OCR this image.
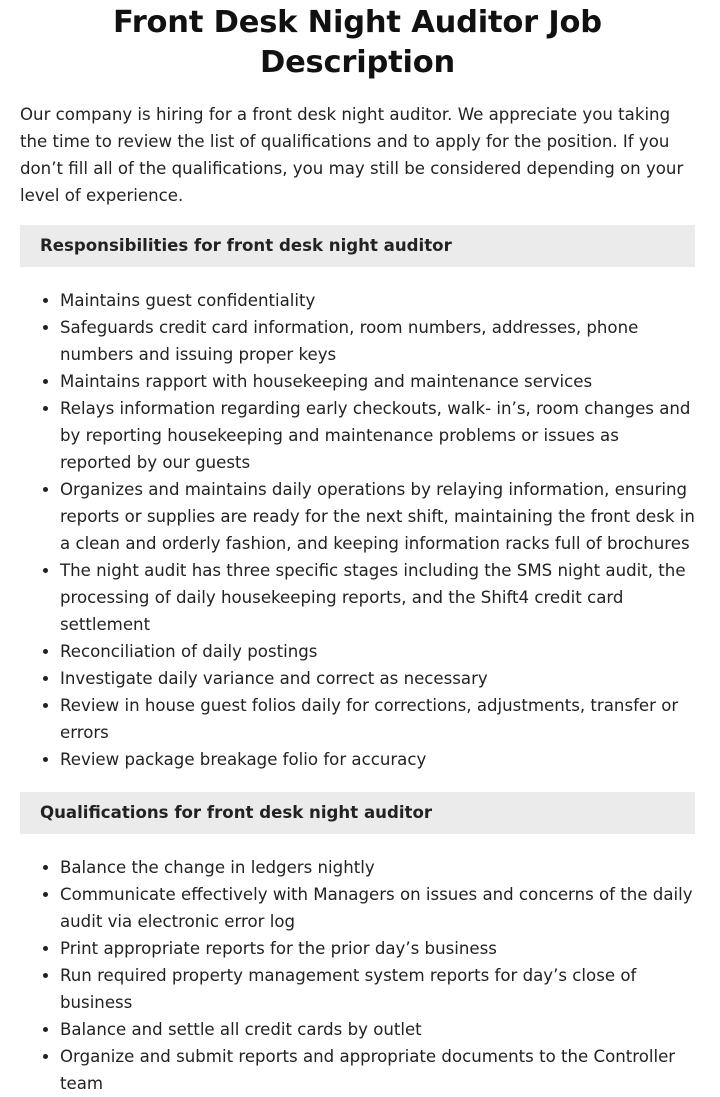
Front Desk Night Auditor Job Description

Our company is hiring for a front desk night auditor. We appreciate you taking the time to review the list of qualifications and to apply for the position. If you don’t fill all of the qualifications, you may still be considered depending on your level of experience.

Responsibilities for front desk night auditor
• Maintains guest confidentiality
• Safeguards credit card information, room numbers, addresses, phone numbers and issuing proper keys
• Maintains rapport with housekeeping and maintenance services
• Relays information regarding early checkouts, walk- in’s, room changes and by reporting housekeeping and maintenance problems or issues as reported by our guests
• Organizes and maintains daily operations by relaying information, ensuring reports or supplies are ready for the next shift, maintaining the front desk in a clean and orderly fashion, and keeping information racks full of brochures
• The night audit has three specific stages including the SMS night audit, the processing of daily housekeeping reports, and the Shift4 credit card settlement
• Reconciliation of daily postings
• Investigate daily variance and correct as necessary
• Review in house guest folios daily for corrections, adjustments, transfer or errors
• Review package breakage folio for accuracy
Qualifications for front desk night auditor
• Balance the change in ledgers nightly
• Communicate effectively with Managers on issues and concerns of the daily audit via electronic error log
• Print appropriate reports for the prior day’s business
• Run required property management system reports for day’s close of business
• Balance and settle all credit cards by outlet
• Organize and submit reports and appropriate documents to the Controller team
